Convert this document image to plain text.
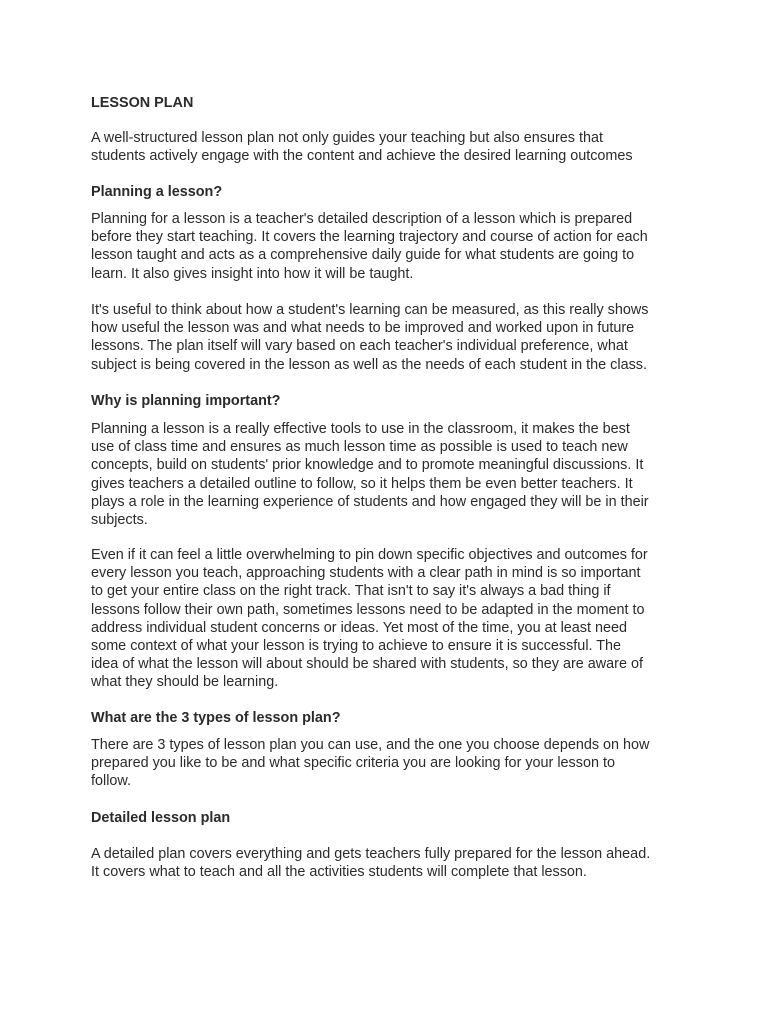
LESSON PLAN
A well-structured lesson plan not only guides your teaching but also ensures that
students actively engage with the content and achieve the desired learning outcomes
Planning a lesson?
Planning for a lesson is a teacher's detailed description of a lesson which is prepared
before they start teaching. It covers the learning trajectory and course of action for each
lesson taught and acts as a comprehensive daily guide for what students are going to
learn. It also gives insight into how it will be taught.
It's useful to think about how a student's learning can be measured, as this really shows
how useful the lesson was and what needs to be improved and worked upon in future
lessons. The plan itself will vary based on each teacher's individual preference, what
subject is being covered in the lesson as well as the needs of each student in the class.
Why is planning important?
Planning a lesson is a really effective tools to use in the classroom, it makes the best
use of class time and ensures as much lesson time as possible is used to teach new
concepts, build on students' prior knowledge and to promote meaningful discussions. It
gives teachers a detailed outline to follow, so it helps them be even better teachers. It
plays a role in the learning experience of students and how engaged they will be in their
subjects.
Even if it can feel a little overwhelming to pin down specific objectives and outcomes for
every lesson you teach, approaching students with a clear path in mind is so important
to get your entire class on the right track. That isn't to say it's always a bad thing if
lessons follow their own path, sometimes lessons need to be adapted in the moment to
address individual student concerns or ideas. Yet most of the time, you at least need
some context of what your lesson is trying to achieve to ensure it is successful. The
idea of what the lesson will about should be shared with students, so they are aware of
what they should be learning.
What are the 3 types of lesson plan?
There are 3 types of lesson plan you can use, and the one you choose depends on how
prepared you like to be and what specific criteria you are looking for your lesson to
follow.
Detailed lesson plan
A detailed plan covers everything and gets teachers fully prepared for the lesson ahead.
It covers what to teach and all the activities students will complete that lesson.
